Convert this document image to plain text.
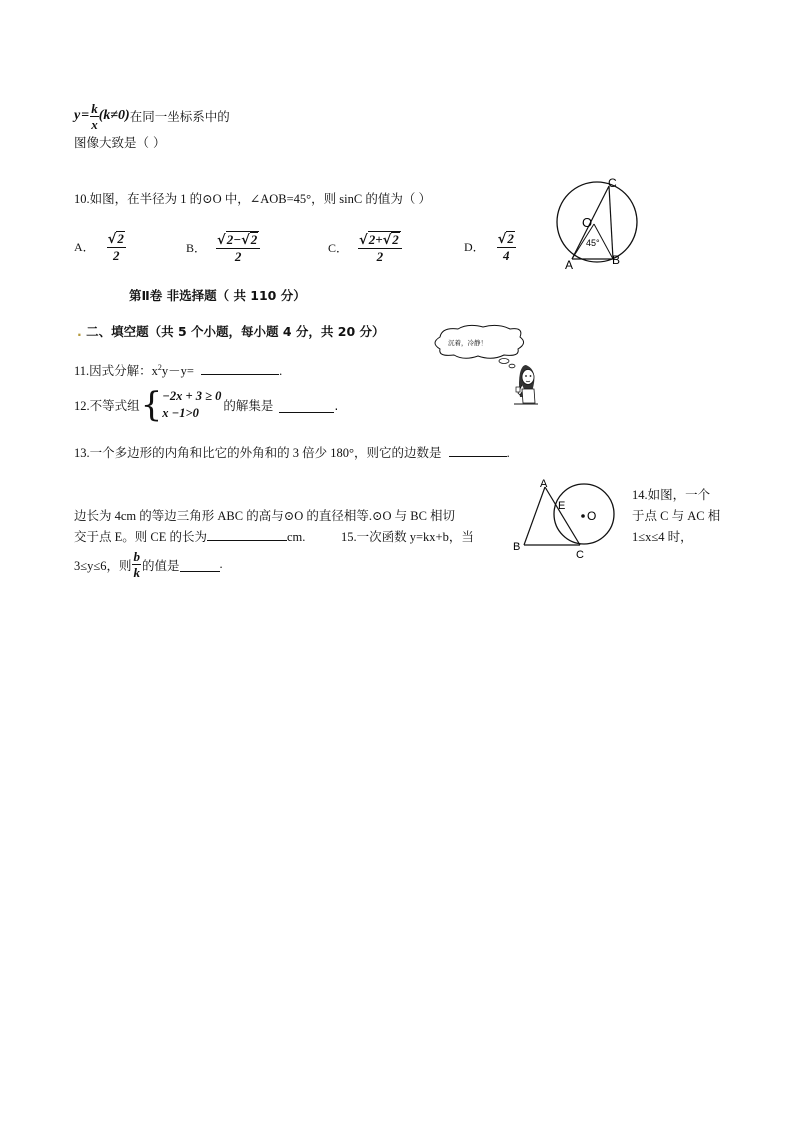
$y = \frac{k}{x} (k\ne 0)$ 在同一坐标系中的
图像大致是（ ）
10.如图，在半径为 1 的⊙O 中，∠AOB=45°，则 sinC 的值为（ ）
A． $\frac{√2}{2}$	B． $\frac{√2-√2}{2}$	C． $\frac{√2+√2}{2}$	D． $\frac{√2}{4}$
C
O
45°
A	B
第Ⅱ卷 非选择题（ 共 110 分）
. 二、填空题（共 5 个小题，每小题 4 分，共 20 分）
沉着，冷静！
11.因式分解：$x^2y-y=$	.
12.不等式组 { −2x + 3 ≥ 0
x −1>0	的解集是	.
13.一个多边形的内角和比它的外角和的 3 倍少 180°，则它的边数是	.
A
E
O
B
C
14.如图，一个
于点 C 与 AC 相
1≤x≤4 时，
边长为 4cm 的等边三角形 ABC 的高与⊙O 的直径相等.⊙O 与 BC 相切
交于点 E。则 CE 的长为	cm.	15.一次函数 y=kx+b，当
3≤y≤6，则 $\frac{b}{k}$ 的值是	.
